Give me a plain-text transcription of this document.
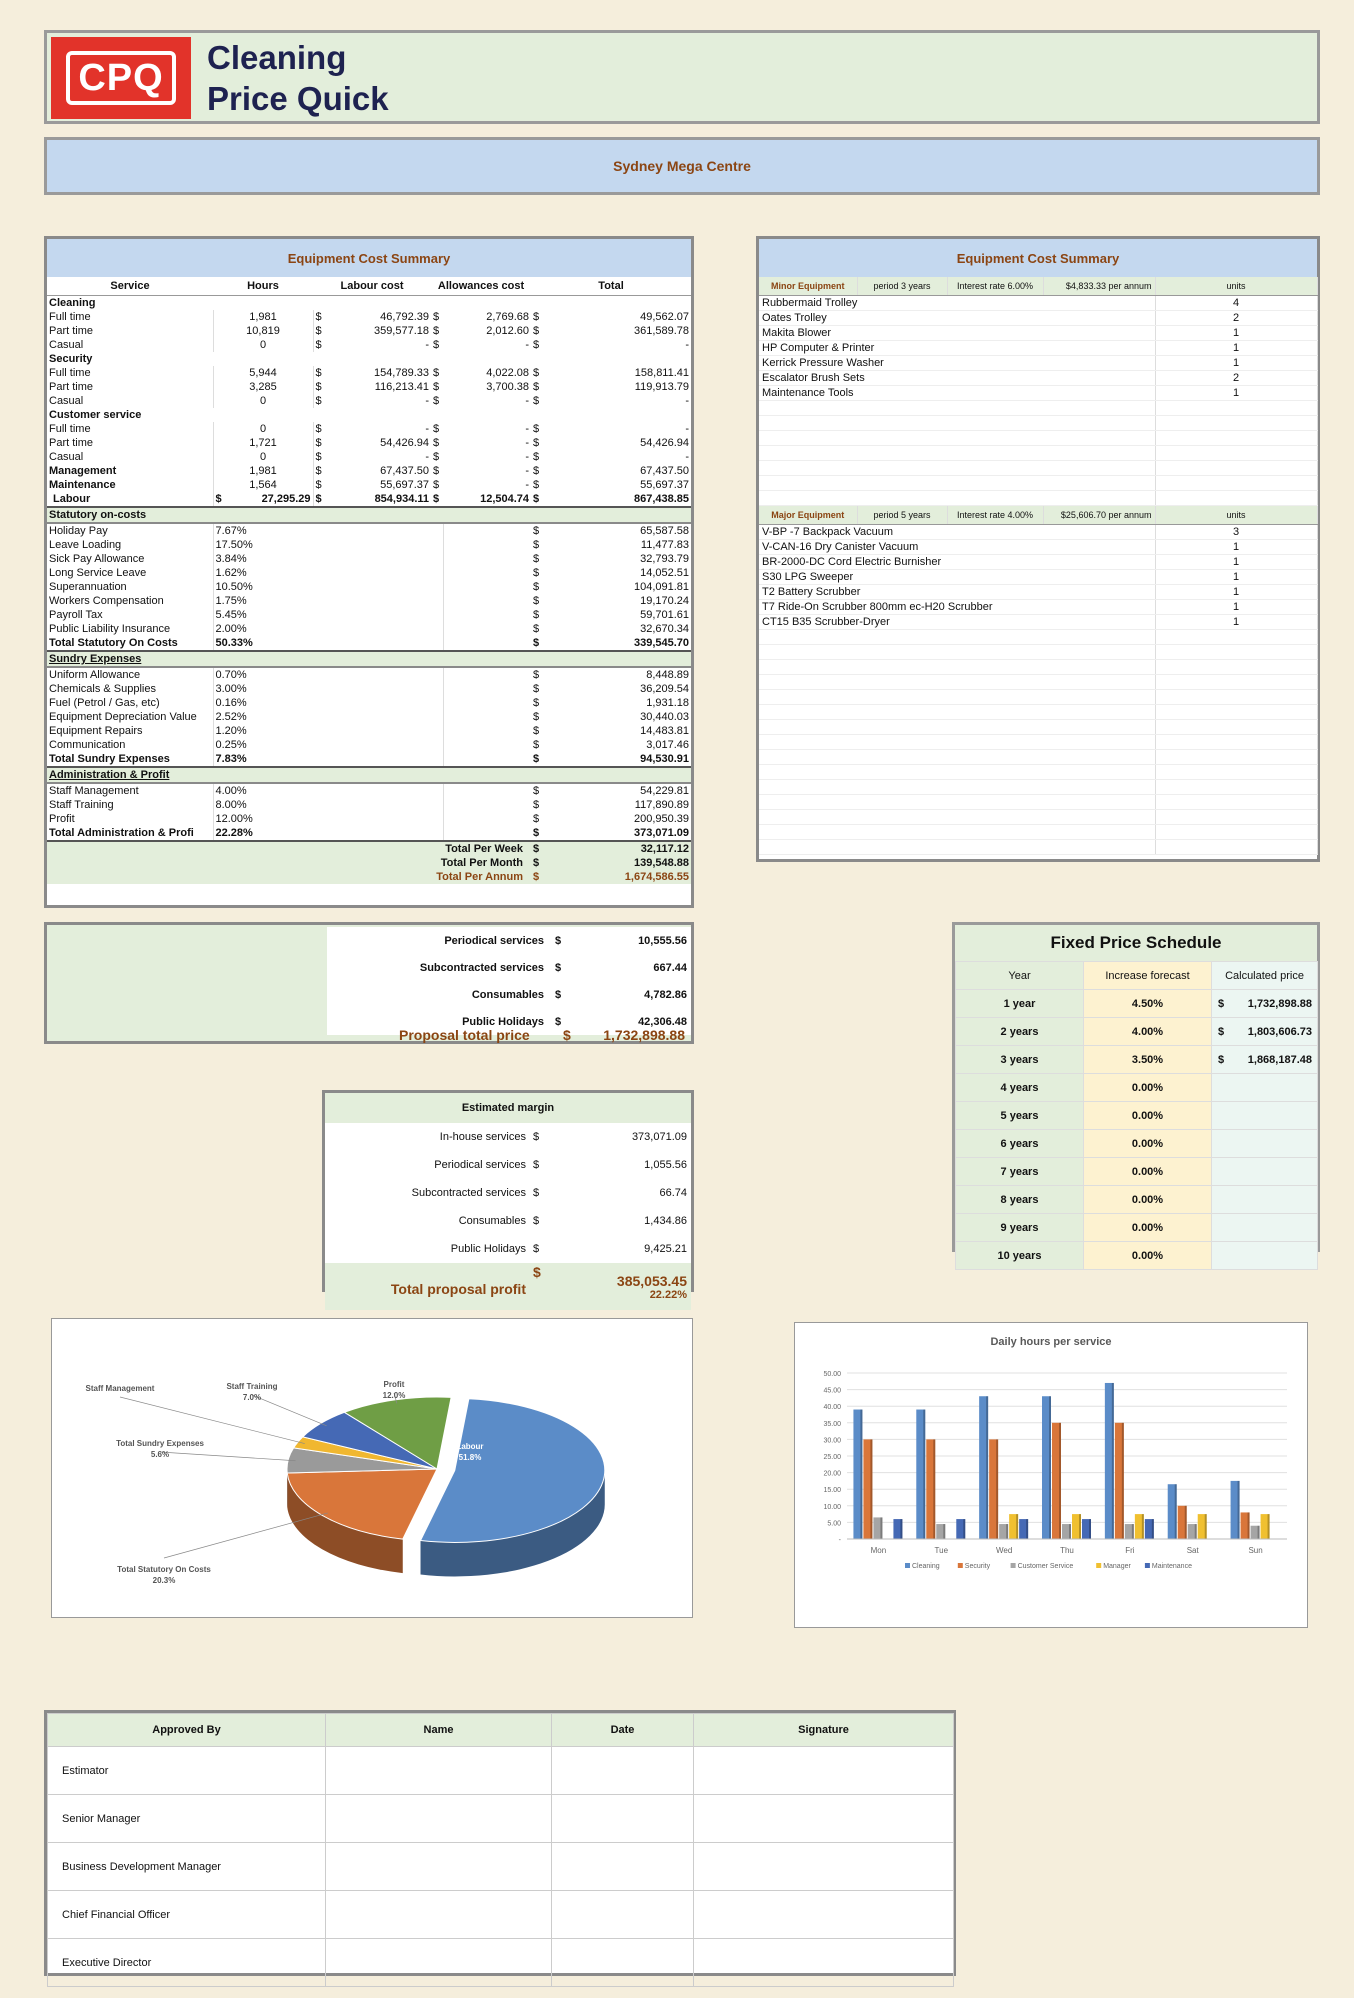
CPQ	Cleaning
Price Quick
Sydney Mega Centre
Equipment Cost Summary
Service	Hours	Labour cost		Allowances cost		Total	
Cleaning							
Full time	1,981	$	46,792.39	$	2,769.68	$	49,562.07
Part time	10,819	$	359,577.18	$	2,012.60	$	361,589.78
Casual	0	$	-	$	-	$	-
Security							
Full time	5,944	$	154,789.33	$	4,022.08	$	158,811.41
Part time	3,285	$	116,213.41	$	3,700.38	$	119,913.79
Casual	0	$	-	$	-	$	-
Customer service							
Full time	0	$	-	$	-	$	-
Part time	1,721	$	54,426.94	$	-	$	54,426.94
Casual	0	$	-	$	-	$	-
Management	1,981	$	67,437.50	$	-	$	67,437.50
Maintenance	1,564	$	55,697.37	$	-	$	55,697.37
Labour	$ 27,295.29	$	854,934.11	$	12,504.74	$	867,438.85
Statutory on-costs							
Holiday Pay	7.67%					$	65,587.58
Leave Loading	17.50%					$	11,477.83
Sick Pay Allowance	3.84%					$	32,793.79
Long Service Leave	1.62%					$	14,052.51
Superannuation	10.50%					$	104,091.81
Workers Compensation	1.75%					$	19,170.24
Payroll Tax	5.45%					$	59,701.61
Public Liability Insurance	2.00%					$	32,670.34
Total Statutory On Costs	50.33%					$	339,545.70
Sundry Expenses							
Uniform Allowance	0.70%					$	8,448.89
Chemicals & Supplies	3.00%					$	36,209.54
Fuel (Petrol / Gas, etc)	0.16%					$	1,931.18
Equipment Depreciation Value	2.52%					$	30,440.03
Equipment Repairs	1.20%					$	14,483.81
Communication	0.25%					$	3,017.46
Total Sundry Expenses	7.83%					$	94,530.91
Administration & Profit							
Staff Management	4.00%					$	54,229.81
Staff Training	8.00%					$	117,890.89
Profit	12.00%					$	200,950.39
Total Administration & Profi	22.28%					$	373,071.09
Total Per Week						$	32,117.12
Total Per Month						$	139,548.88
Total Per Annum						$	1,674,586.55
Equipment Cost Summary
Minor Equipment	period 3 years	Interest rate 6.00%	$4,833.33 per annum	units
Rubbermaid Trolley				4
Oates Trolley				2
Makita Blower				1
HP Computer & Printer				1
Kerrick Pressure Washer				1
Escalator Brush Sets				2
Maintenance Tools				1

Major Equipment	period 5 years	Interest rate 4.00%	$25,606.70 per annum	units
V-BP -7 Backpack Vacuum				3
V-CAN-16 Dry Canister Vacuum				1
BR-2000-DC Cord Electric Burnisher				1
S30 LPG Sweeper				1
T2 Battery Scrubber				1
T7 Ride-On Scrubber 800mm ec-H20 Scrubber				1
CT15 B35 Scrubber-Dryer				1

Periodical services	$	10,555.56
Subcontracted services	$	667.44
Consumables	$	4,782.86
Public Holidays	$	42,306.48
Proposal total price $ 1,732,898.88
Estimated margin		
In-house services	$	373,071.09
Periodical services	$	1,055.56
Subcontracted services	$	66.74
Consumables	$	1,434.86
Public Holidays	$	9,425.21
Total proposal profit	$	385,053.45
22.22%
Fixed Price Schedule
Year	Increase forecast	Calculated price
1 year	4.50%	$ 1,732,898.88

2 years	4.00%	$ 1,803,606.73

3 years	3.50%	$ 1,868,187.48

4 years	0.00%	
5 years	0.00%	
6 years	0.00%	
7 years	0.00%	
8 years	0.00%	
9 years	0.00%	
10 years	0.00%	
Labour
51.8%
Total Statutory On Costs
20.3%
Total Sundry Expenses
5.6%
Staff Management	Staff Training
7.0%
Profit
12.0%
Daily hours per service
-
5.00
10.00
15.00
20.00
25.00
30.00
35.00
40.00
45.00
50.00
Mon	Tue	Wed	Thu	Fri	Sat	Sun
Cleaning	Security	Customer Service	Manager	Maintenance
Approved By	Name	Date	Signature
Estimator			
Senior Manager			
Business Development Manager			
Chief Financial Officer			
Executive Director			
